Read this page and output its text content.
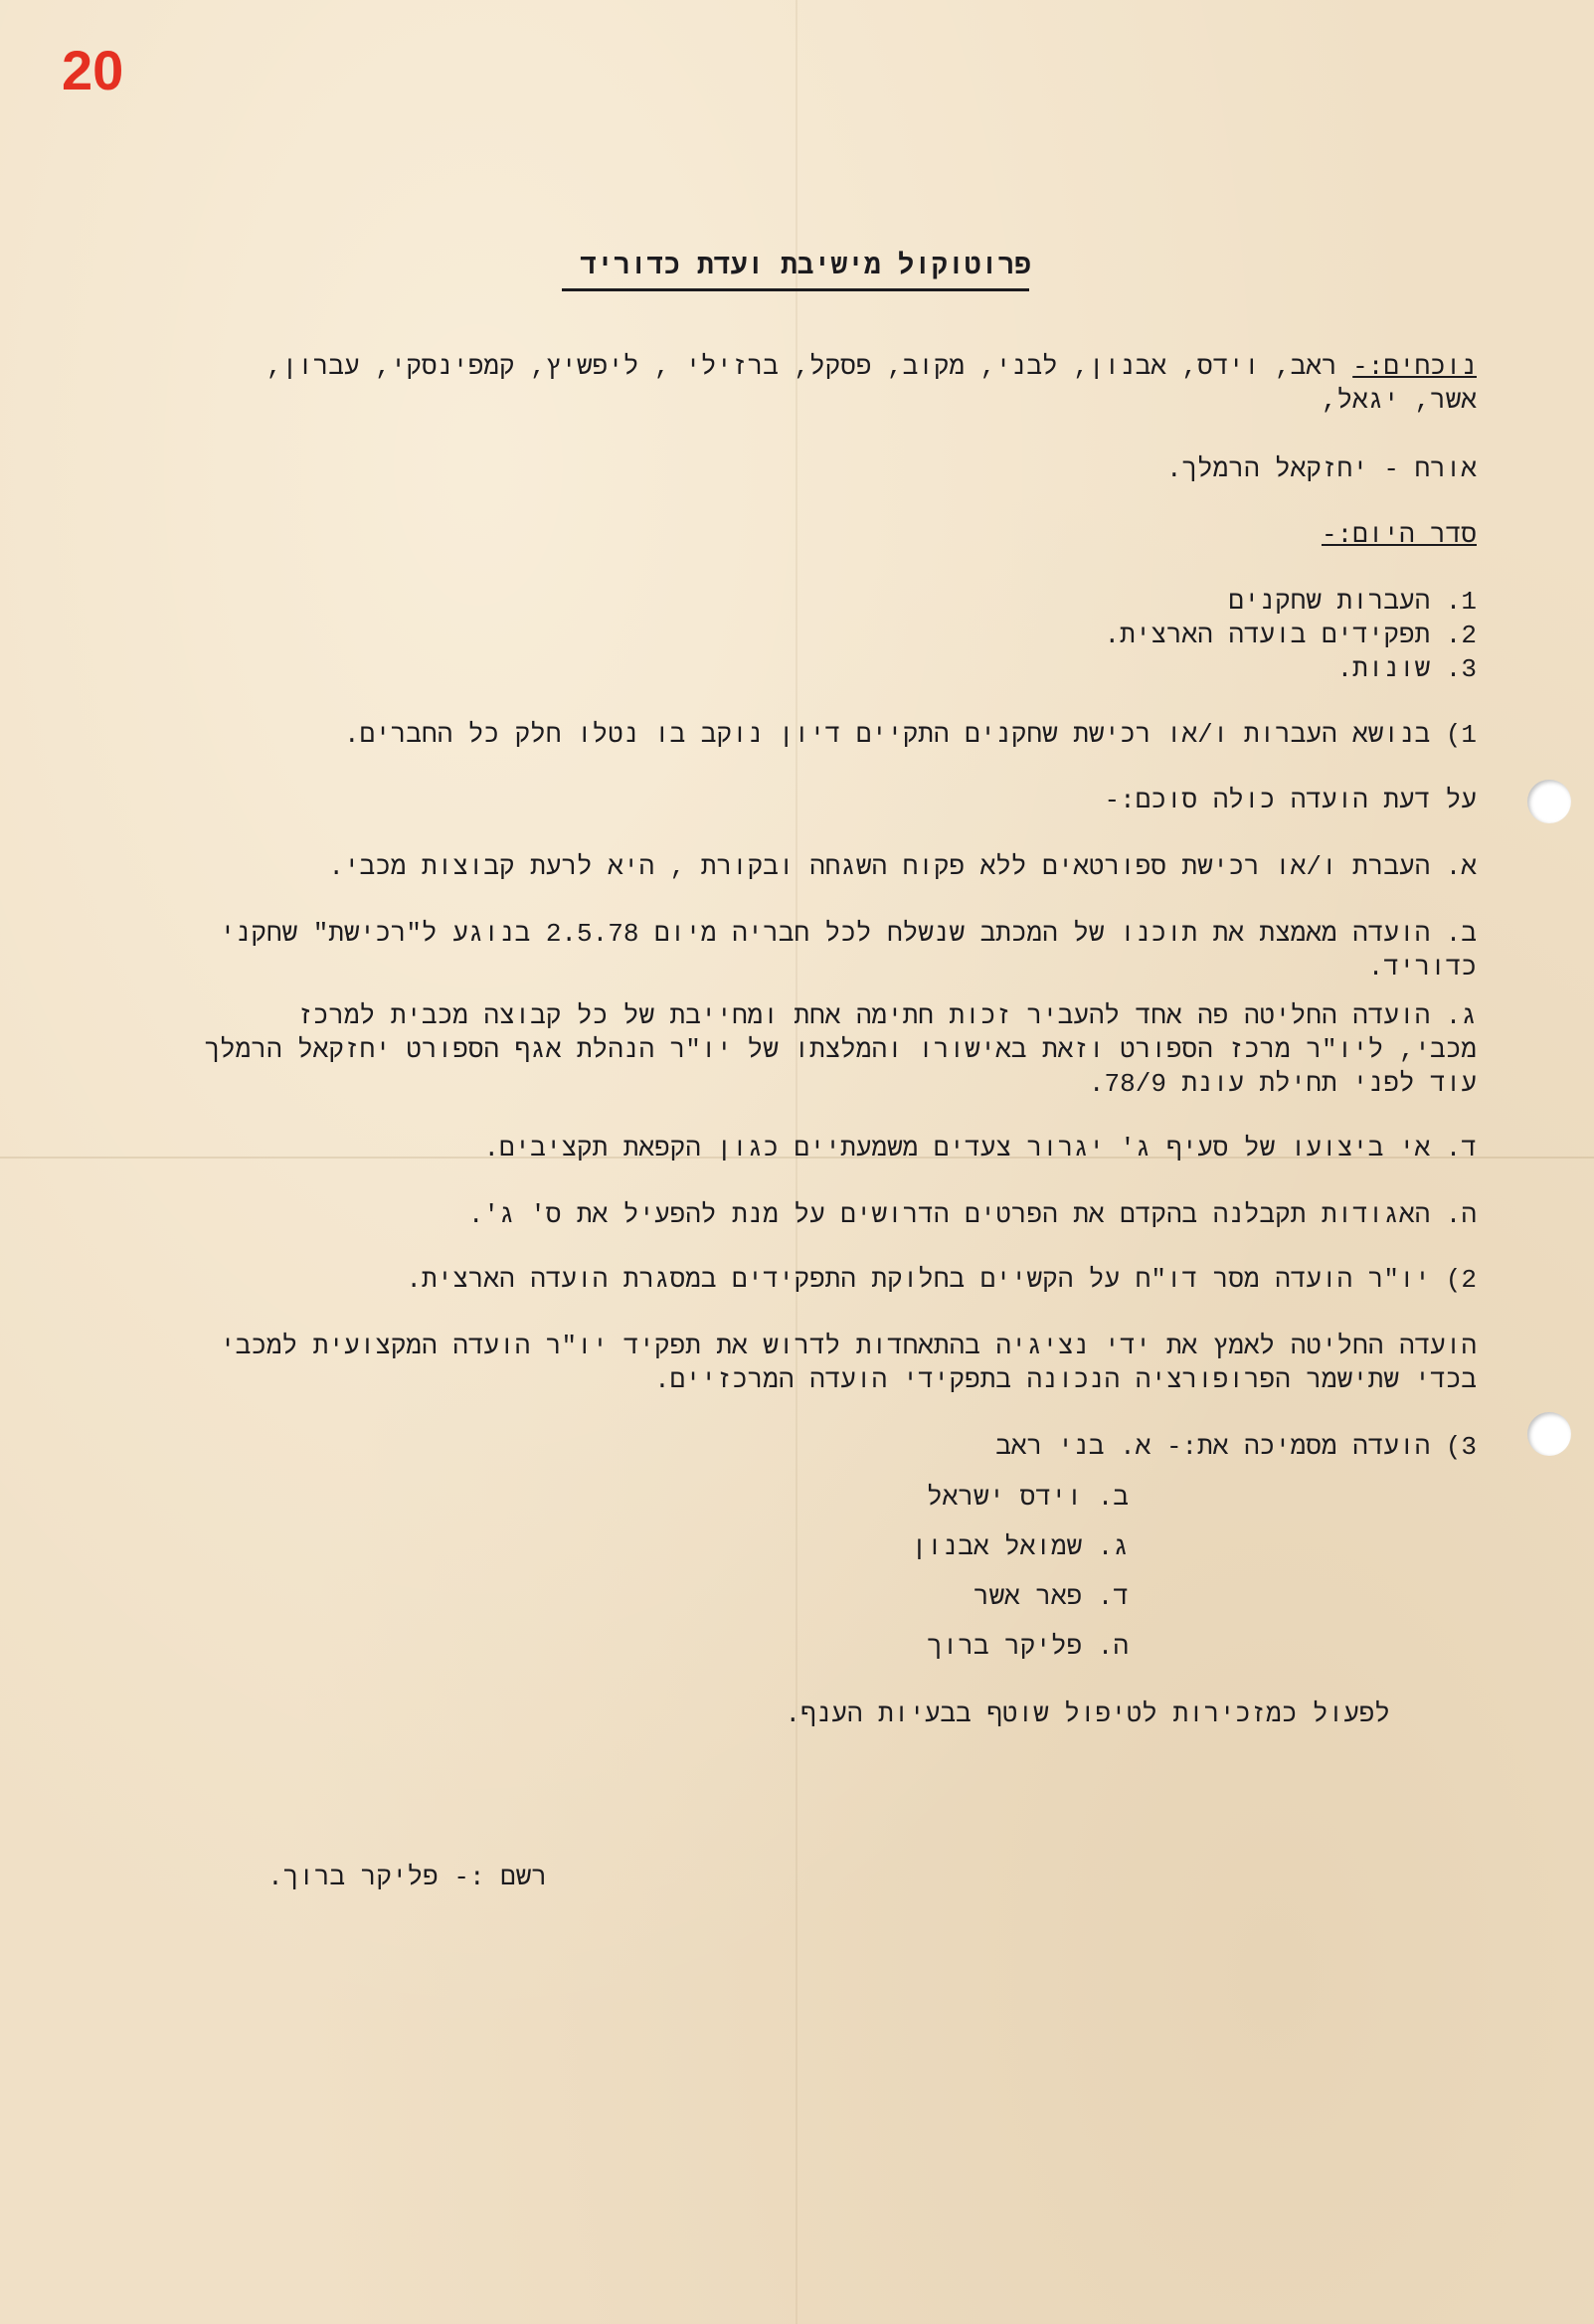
20
פרוטוקול מישיבת ועדת כדוריד
נוכחים:- ראב, וידס, אבנון, לבני, מקוב, פסקל, ברזילי , ליפשיץ, קמפינסקי, עברון,
אשר, יגאל,
אורח - יחזקאל הרמלך.
סדר היום:-

1. העברות שחקנים

2. תפקידים בועדה הארצית.

3. שונות.

1) בנושא העברות ו/או רכישת שחקנים התקיים דיון נוקב בו נטלו חלק כל החברים.
על דעת הועדה כולה סוכם:-
א. העברת ו/או רכישת ספורטאים ללא פקוח השגחה ובקורת , היא לרעת קבוצות מכבי.
ב. הועדה מאמצת את תוכנו של המכתב שנשלח לכל חבריה מיום 2.5.78 בנוגע ל"רכישת" שחקני
כדוריד.
ג. הועדה החליטה פה אחד להעביר זכות חתימה אחת ומחייבת של כל קבוצה מכבית למרכז
מכבי, ליו"ר מרכז הספורט וזאת באישורו והמלצתו של יו"ר הנהלת אגף הספורט יחזקאל הרמלך
עוד לפני תחילת עונת 78/9.
ד. אי ביצועו של סעיף ג' יגרור צעדים משמעתיים כגון הקפאת תקציבים.
ה. האגודות תקבלנה בהקדם את הפרטים הדרושים על מנת להפעיל את ס' ג'.
2) יו"ר הועדה מסר דו"ח על הקשיים בחלוקת התפקידים במסגרת הועדה הארצית.
הועדה החליטה לאמץ את ידי נציגיה בהתאחדות לדרוש את תפקיד יו"ר הועדה המקצועית למכבי
בכדי שתישמר הפרופורציה הנכונה בתפקידי הועדה המרכזיים.
3) הועדה מסמיכה את:- א. בני ראב
ב. וידס ישראל
ג. שמואל אבנון
ד. פאר אשר
ה. פליקר ברוך
לפעול כמזכירות לטיפול שוטף בבעיות הענף.
רשם :- פליקר ברוך.
